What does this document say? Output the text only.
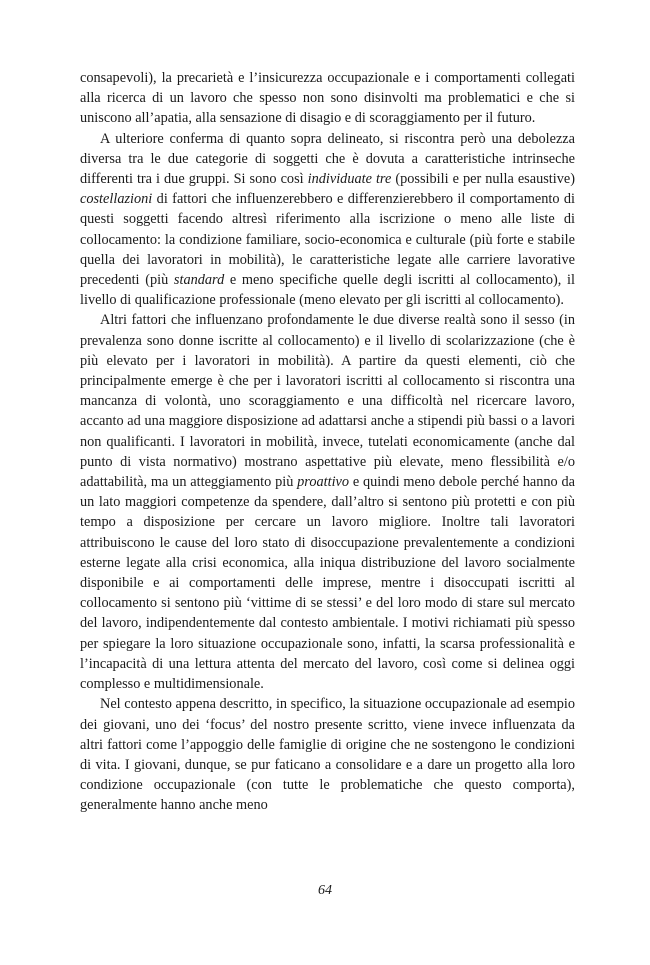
consapevoli), la precarietà e l’insicurezza occupazionale e i comportamenti collegati alla ricerca di un lavoro che spesso non sono disinvolti ma problematici e che si uniscono all’apatia, alla sensazione di disagio e di scoraggiamento per il futuro.

A ulteriore conferma di quanto sopra delineato, si riscontra però una debolezza diversa tra le due categorie di soggetti che è dovuta a caratteristiche intrinseche differenti tra i due gruppi. Si sono così individuate tre (possibili e per nulla esaustive) costellazioni di fattori che influenzerebbero e differenzierebbero il comportamento di questi soggetti facendo altresì riferimento alla iscrizione o meno alle liste di collocamento: la condizione familiare, socio-economica e culturale (più forte e stabile quella dei lavoratori in mobilità), le caratteristiche legate alle carriere lavorative precedenti (più standard e meno specifiche quelle degli iscritti al collocamento), il livello di qualificazione professionale (meno elevato per gli iscritti al collocamento).

Altri fattori che influenzano profondamente le due diverse realtà sono il sesso (in prevalenza sono donne iscritte al collocamento) e il livello di scolarizzazione (che è più elevato per i lavoratori in mobilità). A partire da questi elementi, ciò che principalmente emerge è che per i lavoratori iscritti al collocamento si riscontra una mancanza di volontà, uno scoraggiamento e una difficoltà nel ricercare lavoro, accanto ad una maggiore disposizione ad adattarsi anche a stipendi più bassi o a lavori non qualificanti. I lavoratori in mobilità, invece, tutelati economicamente (anche dal punto di vista normativo) mostrano aspettative più elevate, meno flessibilità e/o adattabilità, ma un atteggiamento più proattivo e quindi meno debole perché hanno da un lato maggiori competenze da spendere, dall’altro si sentono più protetti e con più tempo a disposizione per cercare un lavoro migliore. Inoltre tali lavoratori attribuiscono le cause del loro stato di disoccupazione prevalentemente a condizioni esterne legate alla crisi economica, alla iniqua distribuzione del lavoro socialmente disponibile e ai comportamenti delle imprese, mentre i disoccupati iscritti al collocamento si sentono più ‘vittime di se stessi’ e del loro modo di stare sul mercato del lavoro, indipendentemente dal contesto ambientale. I motivi richiamati più spesso per spiegare la loro situazione occupazionale sono, infatti, la scarsa professionalità e l’incapacità di una lettura attenta del mercato del lavoro, così come si delinea oggi complesso e multidimensionale.

Nel contesto appena descritto, in specifico, la situazione occupazionale ad esempio dei giovani, uno dei ‘focus’ del nostro presente scritto, viene invece influenzata da altri fattori come l’appoggio delle famiglie di origine che ne sostengono le condizioni di vita. I giovani, dunque, se pur faticano a consolidare e a dare un progetto alla loro condizione occupazionale (con tutte le problematiche che questo comporta), generalmente hanno anche meno

64
